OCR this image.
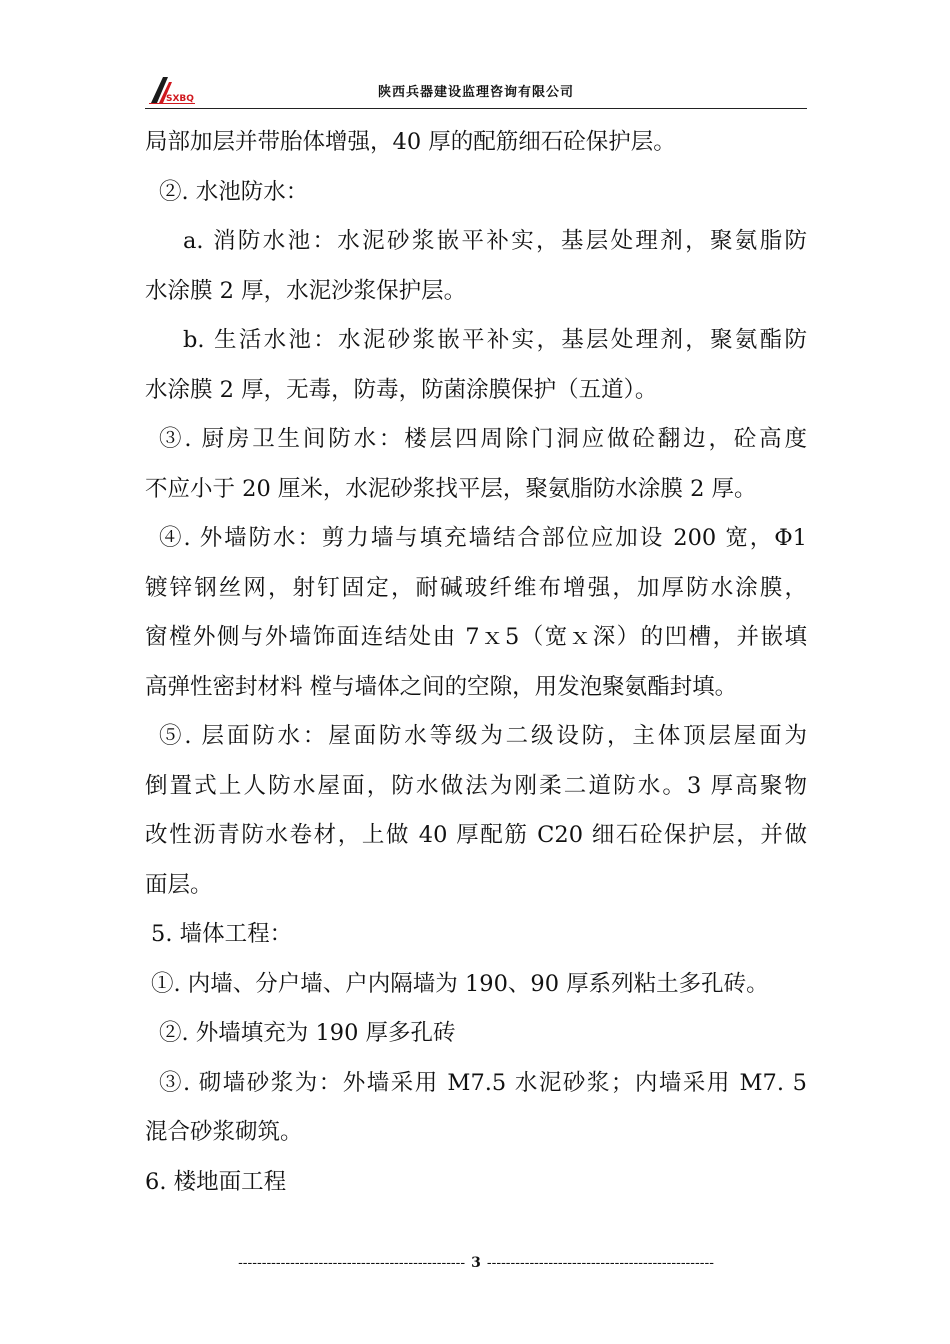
SXBQ	陕西兵器建设监理咨询有限公司
局部加层并带胎体增强，40 厚的配筋细石砼保护层。
②. 水池防水：
a. 消防水池：水泥砂浆嵌平补实，基层处理剂，聚氨脂防
水涂膜 2 厚，水泥沙浆保护层。
b. 生活水池：水泥砂浆嵌平补实，基层处理剂，聚氨酯防
水涂膜 2 厚，无毒，防毒，防菌涂膜保护（五道）。
③. 厨房卫生间防水：楼层四周除门洞应做砼翻边，砼高度
不应小于 20 厘米，水泥砂浆找平层，聚氨脂防水涂膜 2 厚。
④. 外墙防水：剪力墙与填充墙结合部位应加设 200 宽，Φ1
镀锌钢丝网，射钉固定，耐碱玻纤维布增强，加厚防水涂膜，
窗樘外侧与外墙饰面连结处由 7ｘ5（宽ｘ深）的凹槽，并嵌填
高弹性密封材料 樘与墙体之间的空隙，用发泡聚氨酯封填。
⑤. 层面防水：屋面防水等级为二级设防，主体顶层屋面为
倒置式上人防水屋面，防水做法为刚柔二道防水。3 厚高聚物
改性沥青防水卷材，上做 40 厚配筋 C20 细石砼保护层，并做
面层。
5. 墙体工程：
①. 内墙、分户墙、户内隔墙为 190、90 厚系列粘土多孔砖。
②. 外墙填充为 190 厚多孔砖
③. 砌墙砂浆为：外墙采用 M7.5 水泥砂浆；内墙采用 M7. 5
混合砂浆砌筑。
6. 楼地面工程
------------------------------------------------ 3 ------------------------------------------------
